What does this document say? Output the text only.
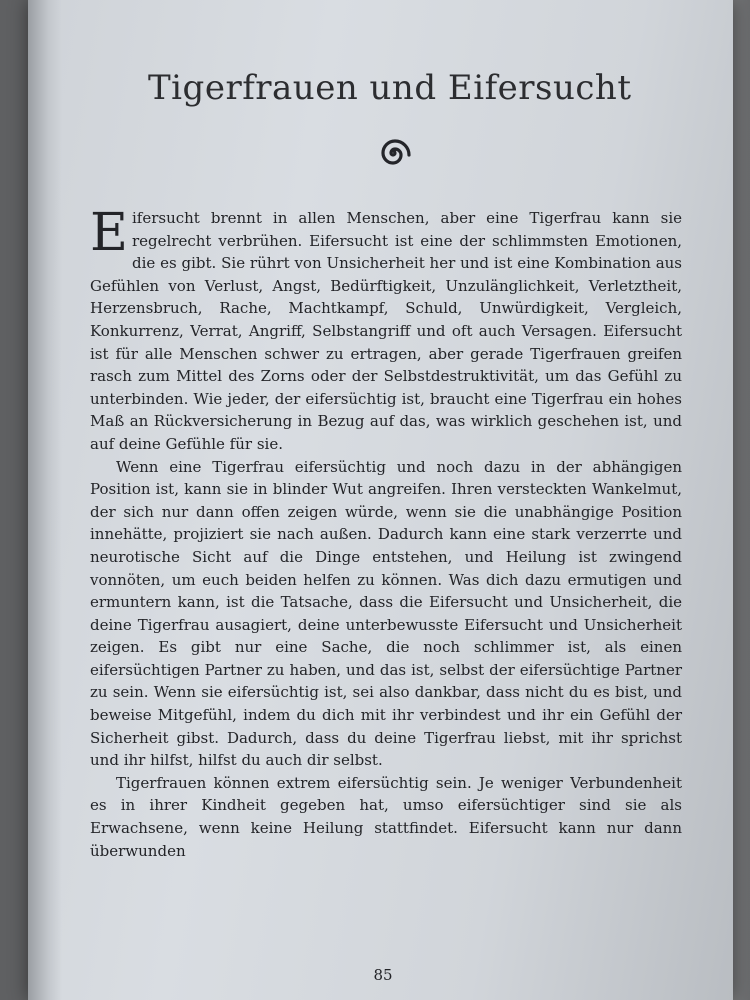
Tigerfrauen und Eifersucht

Eifersucht brennt in allen Menschen, aber eine Tigerfrau kann sie regelrecht verbrühen. Eifersucht ist eine der schlimmsten Emotionen, die es gibt. Sie rührt von Unsicherheit her und ist eine Kombination aus Gefühlen von Verlust, Angst, Bedürftigkeit, Unzulänglichkeit, Verletztheit, Herzensbruch, Rache, Machtkampf, Schuld, Unwürdigkeit, Vergleich, Konkurrenz, Verrat, Angriff, Selbstangriff und oft auch Versagen. Eifersucht ist für alle Menschen schwer zu ertragen, aber gerade Tigerfrauen greifen rasch zum Mittel des Zorns oder der Selbstdestruktivität, um das Gefühl zu unterbinden. Wie jeder, der eifersüchtig ist, braucht eine Tigerfrau ein hohes Maß an Rückversicherung in Bezug auf das, was wirklich geschehen ist, und auf deine Gefühle für sie.

Wenn eine Tigerfrau eifersüchtig und noch dazu in der abhängigen Position ist, kann sie in blinder Wut angreifen. Ihren versteckten Wankelmut, der sich nur dann offen zeigen würde, wenn sie die unabhängige Position innehätte, projiziert sie nach außen. Dadurch kann eine stark verzerrte und neurotische Sicht auf die Dinge entstehen, und Heilung ist zwingend vonnöten, um euch beiden helfen zu können. Was dich dazu ermutigen und ermuntern kann, ist die Tatsache, dass die Eifersucht und Unsicherheit, die deine Tigerfrau ausagiert, deine unterbewusste Eifersucht und Unsicherheit zeigen. Es gibt nur eine Sache, die noch schlimmer ist, als einen eifersüchtigen Partner zu haben, und das ist, selbst der eifersüchtige Partner zu sein. Wenn sie eifersüchtig ist, sei also dankbar, dass nicht du es bist, und beweise Mitgefühl, indem du dich mit ihr verbindest und ihr ein Gefühl der Sicherheit gibst. Dadurch, dass du deine Tigerfrau liebst, mit ihr sprichst und ihr hilfst, hilfst du auch dir selbst.

Tigerfrauen können extrem eifersüchtig sein. Je weniger Verbundenheit es in ihrer Kindheit gegeben hat, umso eifersüchtiger sind sie als Erwachsene, wenn keine Heilung stattfindet. Eifersucht kann nur dann überwunden

85
